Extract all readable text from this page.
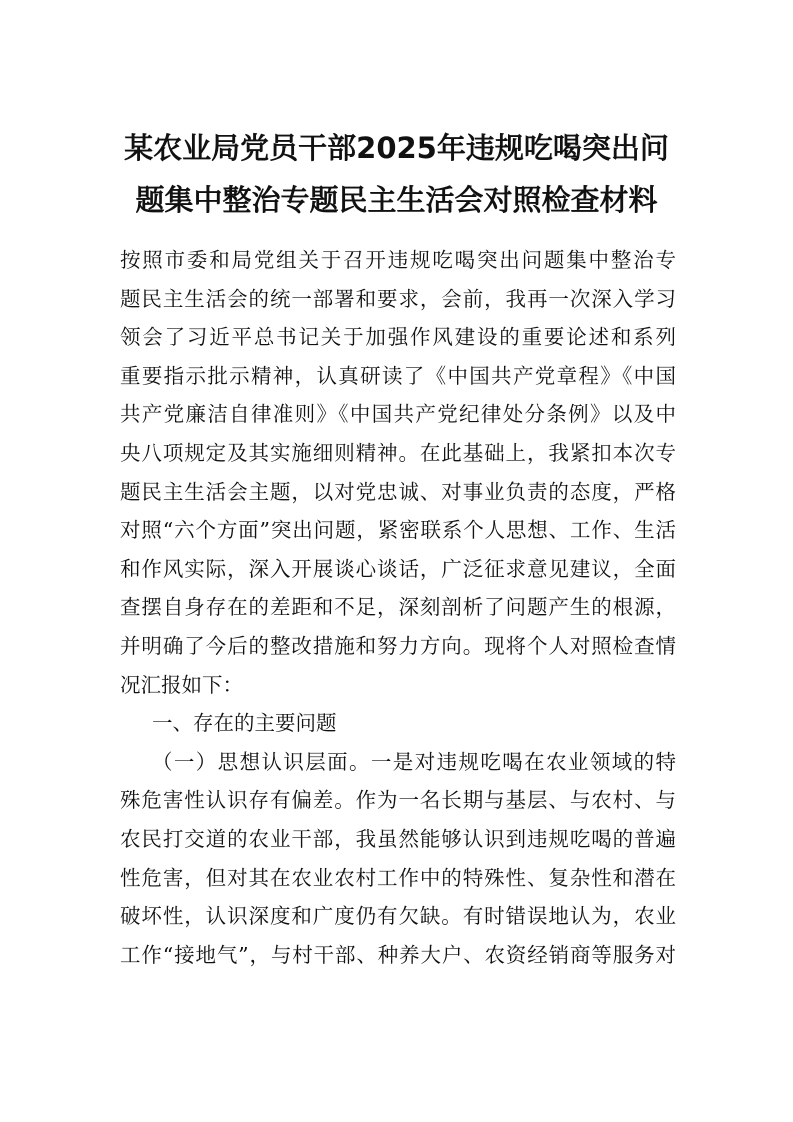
某农业局党员干部2025年违规吃喝突出问
题集中整治专题民主生活会对照检查材料
按照市委和局党组关于召开违规吃喝突出问题集中整治专
题民主生活会的统一部署和要求，会前，我再一次深入学习
领会了习近平总书记关于加强作风建设的重要论述和系列
重要指示批示精神，认真研读了《中国共产党章程》《中国
共产党廉洁自律准则》《中国共产党纪律处分条例》以及中
央八项规定及其实施细则精神。在此基础上，我紧扣本次专
题民主生活会主题，以对党忠诚、对事业负责的态度，严格
对照“六个方面”突出问题，紧密联系个人思想、工作、生活
和作风实际，深入开展谈心谈话，广泛征求意见建议，全面
查摆自身存在的差距和不足，深刻剖析了问题产生的根源，
并明确了今后的整改措施和努力方向。现将个人对照检查情
况汇报如下：
一、存在的主要问题
（一）思想认识层面。一是对违规吃喝在农业领域的特
殊危害性认识存有偏差。作为一名长期与基层、与农村、与
农民打交道的农业干部，我虽然能够认识到违规吃喝的普遍
性危害，但对其在农业农村工作中的特殊性、复杂性和潜在
破坏性，认识深度和广度仍有欠缺。有时错误地认为，农业
工作“接地气”，与村干部、种养大户、农资经销商等服务对
